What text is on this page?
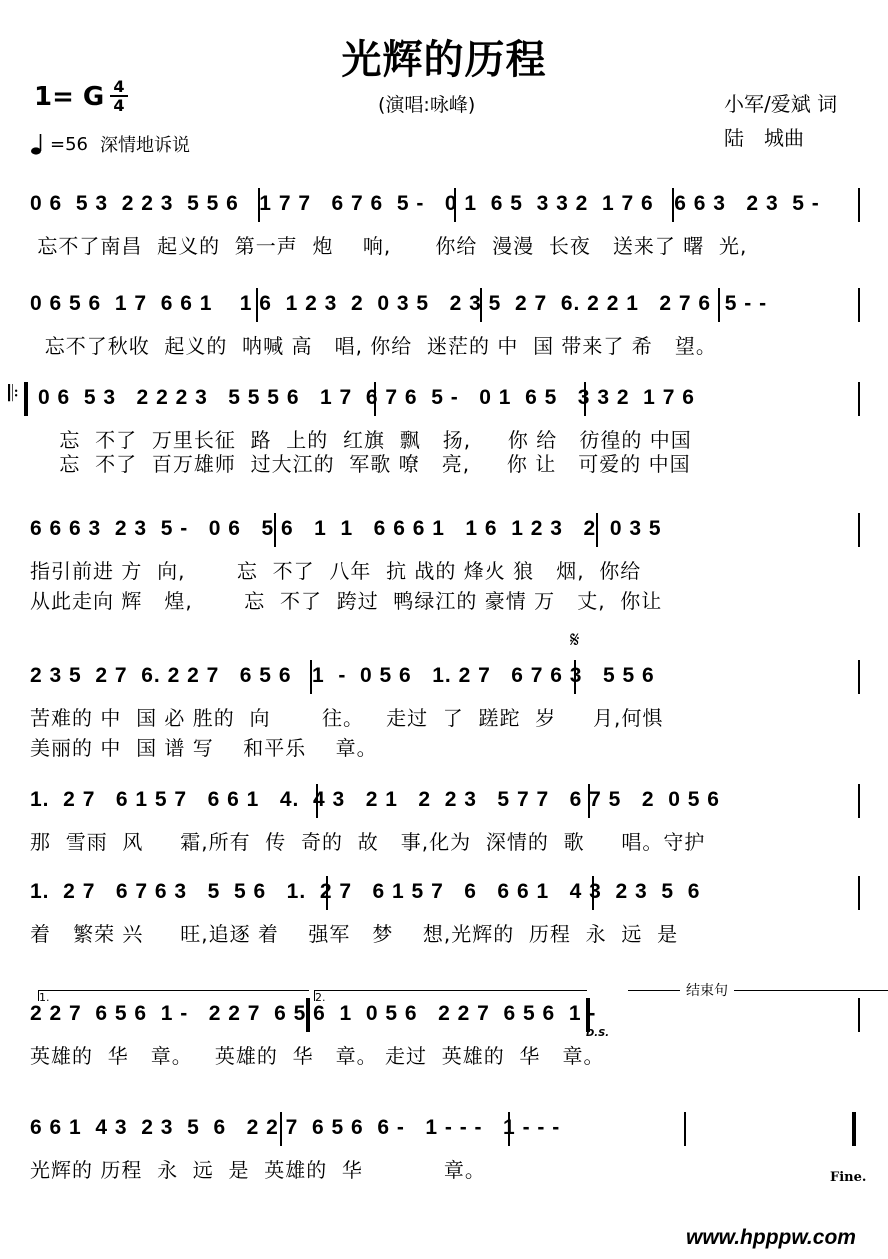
光辉的历程
1= G 4
4	(演唱:咏峰)	小军/爱斌 词
陆　城曲
=56 深情地诉说
0 6  5 3  2 2 3  5 5 6   1 7 7   6 7 6  5 -   0 1  6 5  3 3 2  1 7 6   6 6 3   2 3  5 -
忘不了南昌  起义的  第一声  炮    响,      你给  漫漫  长夜   送来了 曙  光,
0 6 5 6  1 7  6 6 1    1 6  1 2 3  2  0 3 5   2 3 5  2 7  6. 2 2 1   2 7 6  5 - -
忘不了秋收  起义的  呐喊 高   唱, 你给  迷茫的 中  国 带来了 希   望。
𝄆 0 6  5 3   2 2 2 3   5 5 5 6   1 7  6 7 6  5 -   0 1  6 5   3 3 2  1 7 6
忘  不了  万里长征  路  上的  红旗  飘   扬,     你 给   彷徨的 中国
忘  不了  百万雄师  过大江的  军歌 嘹   亮,     你 让   可爱的 中国
6 6 6 3  2 3  5 -   0 6   5 6   1  1   6 6 6 1   1 6  1 2 3   2  0 3 5
指引前进 方  向,       忘  不了  八年  抗 战的 烽火 狼   烟,  你给
从此走向 辉   煌,       忘  不了  跨过  鸭绿江的 豪情 万   丈,  你让
𝄋
2 3 5  2 7  6. 2 2 7   6 5 6   1  -  0 5 6   1. 2 7   6 7 6 3   5 5 6
苦难的 中  国 必 胜的  向       往。   走过  了  蹉跎  岁     月,何惧
美丽的 中  国 谱 写    和平乐    章。
1.  2 7   6 1 5 7   6 6 1   4.  4 3   2 1   2  2 3   5 7 7   6 7 5   2  0 5 6
那  雪雨  风     霜,所有  传  奇的  故   事,化为  深情的  歌     唱。守护
1.  2 7   6 7 6 3   5  5 6   1.  2 7   6 1 5 7   6   6 6 1   4 3  2 3  5  6
着   繁荣 兴     旺,追逐 着    强军   梦    想,光辉的  历程  永  远  是
1.	2.	结束句
D.S.
2 2 7  6 5 6  1 -   2 2 7  6 5 6  1  0 5 6   2 2 7  6 5 6  1 -
英雄的  华   章。   英雄的  华   章。 走过  英雄的  华   章。
6 6 1  4 3  2 3  5  6   2 2 7  6 5 6  6 -   1 - - -   1 - - -
光辉的 历程  永  远  是  英雄的  华           章。	Fine.
www.hpppw.com
